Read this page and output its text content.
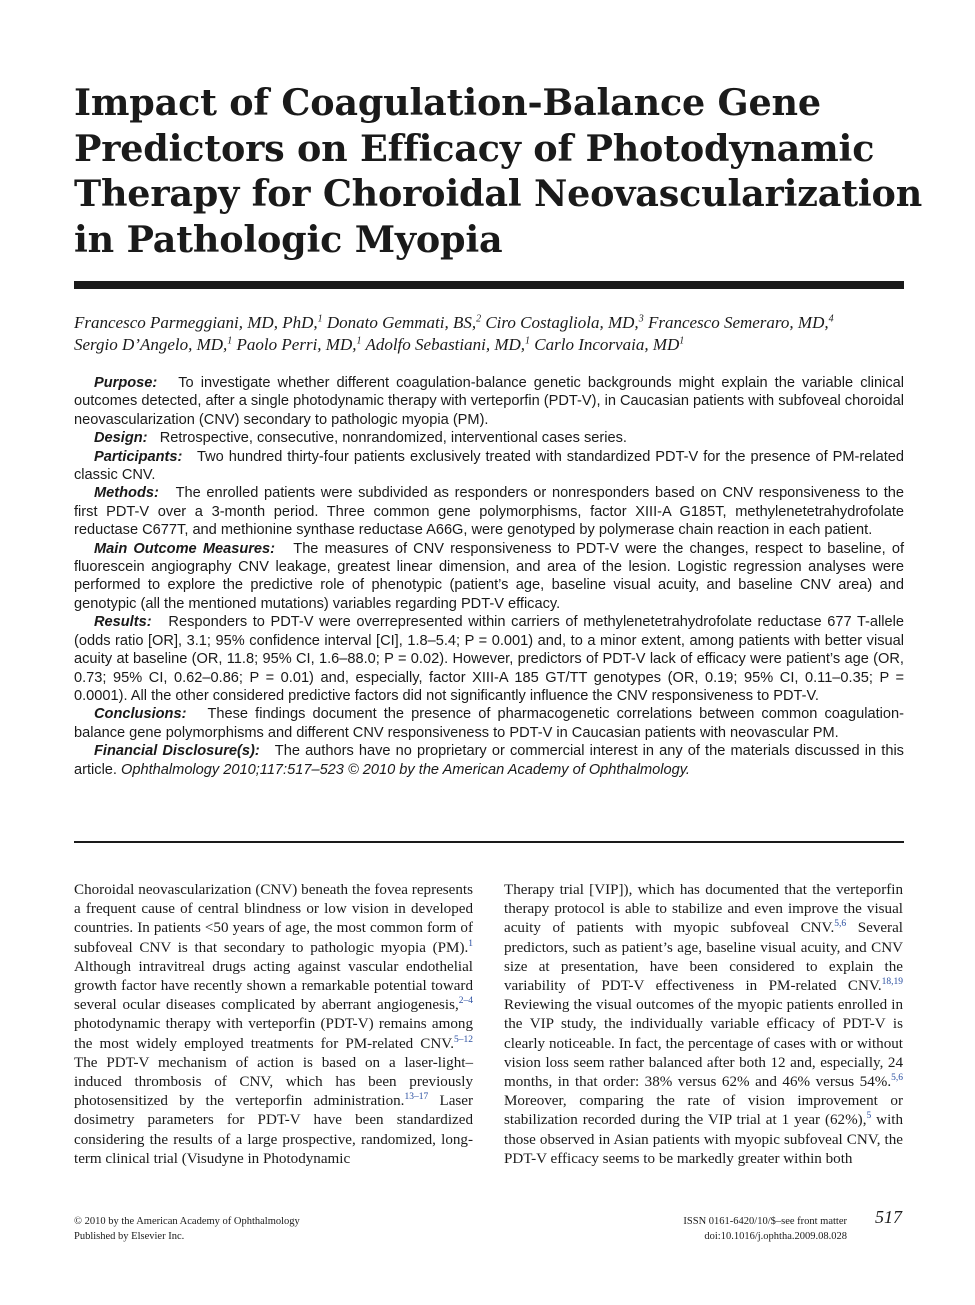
Impact of Coagulation-Balance Gene
Predictors on Efficacy of Photodynamic
Therapy for Choroidal Neovascularization
in Pathologic Myopia
Francesco Parmeggiani, MD, PhD,$^1$ Donato Gemmati, BS,$^2$ Ciro Costagliola, MD,$^3$ Francesco Semeraro, MD,$^4$
Sergio D’Angelo, MD,$^1$ Paolo Perri, MD,$^1$ Adolfo Sebastiani, MD,$^1$ Carlo Incorvaia, $MD^1$

Purpose: To investigate whether different coagulation-balance genetic backgrounds might explain the variable clinical outcomes detected, after a single photodynamic therapy with verteporfin (PDT-V), in Caucasian patients with subfoveal choroidal neovascularization (CNV) secondary to pathologic myopia (PM).

Design: Retrospective, consecutive, nonrandomized, interventional cases series.

Participants: Two hundred thirty-four patients exclusively treated with standardized PDT-V for the presence of PM-related classic CNV.

Methods: The enrolled patients were subdivided as responders or nonresponders based on CNV responsiveness to the first PDT-V over a 3-month period. Three common gene polymorphisms, factor XIII-A G185T, methylenetetrahydrofolate reductase C677T, and methionine synthase reductase A66G, were genotyped by polymerase chain reaction in each patient.

Main Outcome Measures: The measures of CNV responsiveness to PDT-V were the changes, respect to baseline, of fluorescein angiography CNV leakage, greatest linear dimension, and area of the lesion. Logistic regression analyses were performed to explore the predictive role of phenotypic (patient’s age, baseline visual acuity, and baseline CNV area) and genotypic (all the mentioned mutations) variables regarding PDT-V efficacy.

Results: Responders to PDT-V were overrepresented within carriers of methylenetetrahydrofolate reductase 677 T-allele (odds ratio [OR], 3.1; 95% confidence interval [CI], 1.8–5.4; P = 0.001) and, to a minor extent, among patients with better visual acuity at baseline (OR, 11.8; 95% CI, 1.6–88.0; P = 0.02). However, predictors of PDT-V lack of efficacy were patient’s age (OR, 0.73; 95% CI, 0.62–0.86; P = 0.01) and, especially, factor XIII-A 185 GT/TT genotypes (OR, 0.19; 95% CI, 0.11–0.35; P = 0.0001). All the other considered predictive factors did not significantly influence the CNV responsiveness to PDT-V.

Conclusions: These findings document the presence of pharmacogenetic correlations between common coagulation-balance gene polymorphisms and different CNV responsiveness to PDT-V in Caucasian patients with neovascular PM.

Financial Disclosure(s): The authors have no proprietary or commercial interest in any of the materials discussed in this article. Ophthalmology 2010;117:517–523 © 2010 by the American Academy of Ophthalmology.

Choroidal neovascularization (CNV) beneath the fovea represents a frequent cause of central blindness or low vision in developed countries. In patients <50 years of age, the most common form of subfoveal CNV is that secondary to pathologic myopia (PM).$^1$ Although intravitreal drugs acting against vascular endothelial growth factor have recently shown a remarkable potential toward several ocular diseases complicated by aberrant angiogenesis,$^{2-4}$ photodynamic therapy with verteporfin (PDT-V) remains among the most widely employed treatments for PM-related CNV.$^{5-12}$ The PDT-V mechanism of action is based on a laser-light–induced thrombosis of CNV, which has been previously photosensitized by the verteporfin administration.$^{13-17}$ Laser dosimetry parameters for PDT-V have been standardized considering the results of a large prospective, randomized, long-term clinical trial (Visudyne in Photodynamic
Therapy trial [VIP]), which has documented that the verteporfin therapy protocol is able to stabilize and even improve the visual acuity of patients with myopic subfoveal CNV.$^{5,6}$ Several predictors, such as patient’s age, baseline visual acuity, and CNV size at presentation, have been considered to explain the variability of PDT-V effectiveness in PM-related CNV.$^{18,19}$ Reviewing the visual outcomes of the myopic patients enrolled in the VIP study, the individually variable efficacy of PDT-V is clearly noticeable. In fact, the percentage of cases with or without vision loss seem rather balanced after both 12 and, especially, 24 months, in that order: 38% versus 62% and 46% versus 54%.$^{5,6}$ Moreover, comparing the rate of vision improvement or stabilization recorded during the VIP trial at 1 year (62%),$^5$ with those observed in Asian patients with myopic subfoveal CNV, the PDT-V efficacy seems to be markedly greater within both
© 2010 by the American Academy of Ophthalmology
Published by Elsevier Inc.
ISSN 0161-6420/10/$–see front matter
doi:10.1016/j.ophtha.2009.08.028
517
